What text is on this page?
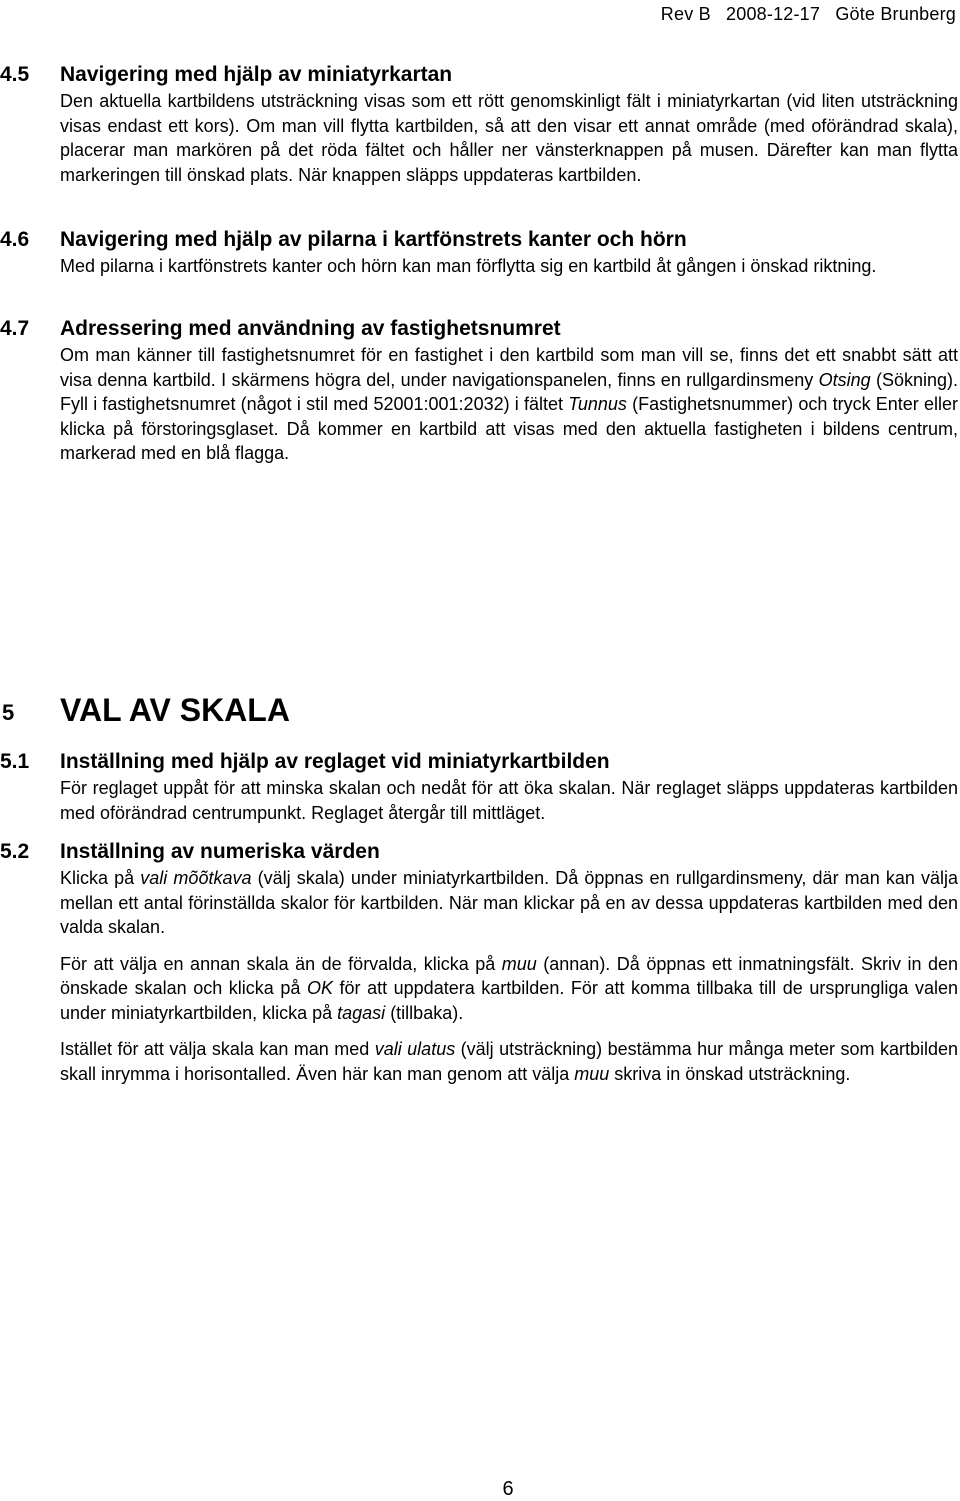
Rev B 2008-12-17 Göte Brunberg
4.5 Navigering med hjälp av miniatyrkartan

Den aktuella kartbildens utsträckning visas som ett rött genomskinligt fält i miniatyrkartan (vid liten utsträckning visas endast ett kors). Om man vill flytta kartbilden, så att den visar ett annat område (med oförändrad skala), placerar man markören på det röda fältet och håller ner vänsterknappen på musen. Därefter kan man flytta markeringen till önskad plats. När knappen släpps uppdateras kartbilden.

4.6 Navigering med hjälp av pilarna i kartfönstrets kanter och hörn

Med pilarna i kartfönstrets kanter och hörn kan man förflytta sig en kartbild åt gången i önskad riktning.

4.7 Adressering med användning av fastighetsnumret

Om man känner till fastighetsnumret för en fastighet i den kartbild som man vill se, finns det ett snabbt sätt att visa denna kartbild. I skärmens högra del, under navigationspanelen, finns en rullgardinsmeny Otsing (Sökning). Fyll i fastighetsnumret (något i stil med 52001:001:2032) i fältet Tunnus (Fastighetsnummer) och tryck Enter eller klicka på förstoringsglaset. Då kommer en kartbild att visas med den aktuella fastigheten i bildens centrum, markerad med en blå flagga.

5 VAL AV SKALA
5.1 Inställning med hjälp av reglaget vid miniatyrkartbilden

För reglaget uppåt för att minska skalan och nedåt för att öka skalan. När reglaget släpps uppdateras kartbilden med oförändrad centrumpunkt. Reglaget återgår till mittläget.

5.2 Inställning av numeriska värden

Klicka på vali mõõtkava (välj skala) under miniatyrkartbilden. Då öppnas en rullgardinsmeny, där man kan välja mellan ett antal förinställda skalor för kartbilden. När man klickar på en av dessa uppdateras kartbilden med den valda skalan.

För att välja en annan skala än de förvalda, klicka på muu (annan). Då öppnas ett inmatningsfält. Skriv in den önskade skalan och klicka på OK för att uppdatera kartbilden. För att komma tillbaka till de ursprungliga valen under miniatyrkartbilden, klicka på tagasi (tillbaka).

Istället för att välja skala kan man med vali ulatus (välj utsträckning) bestämma hur många meter som kartbilden skall inrymma i horisontalled. Även här kan man genom att välja muu skriva in önskad utsträckning.

6
